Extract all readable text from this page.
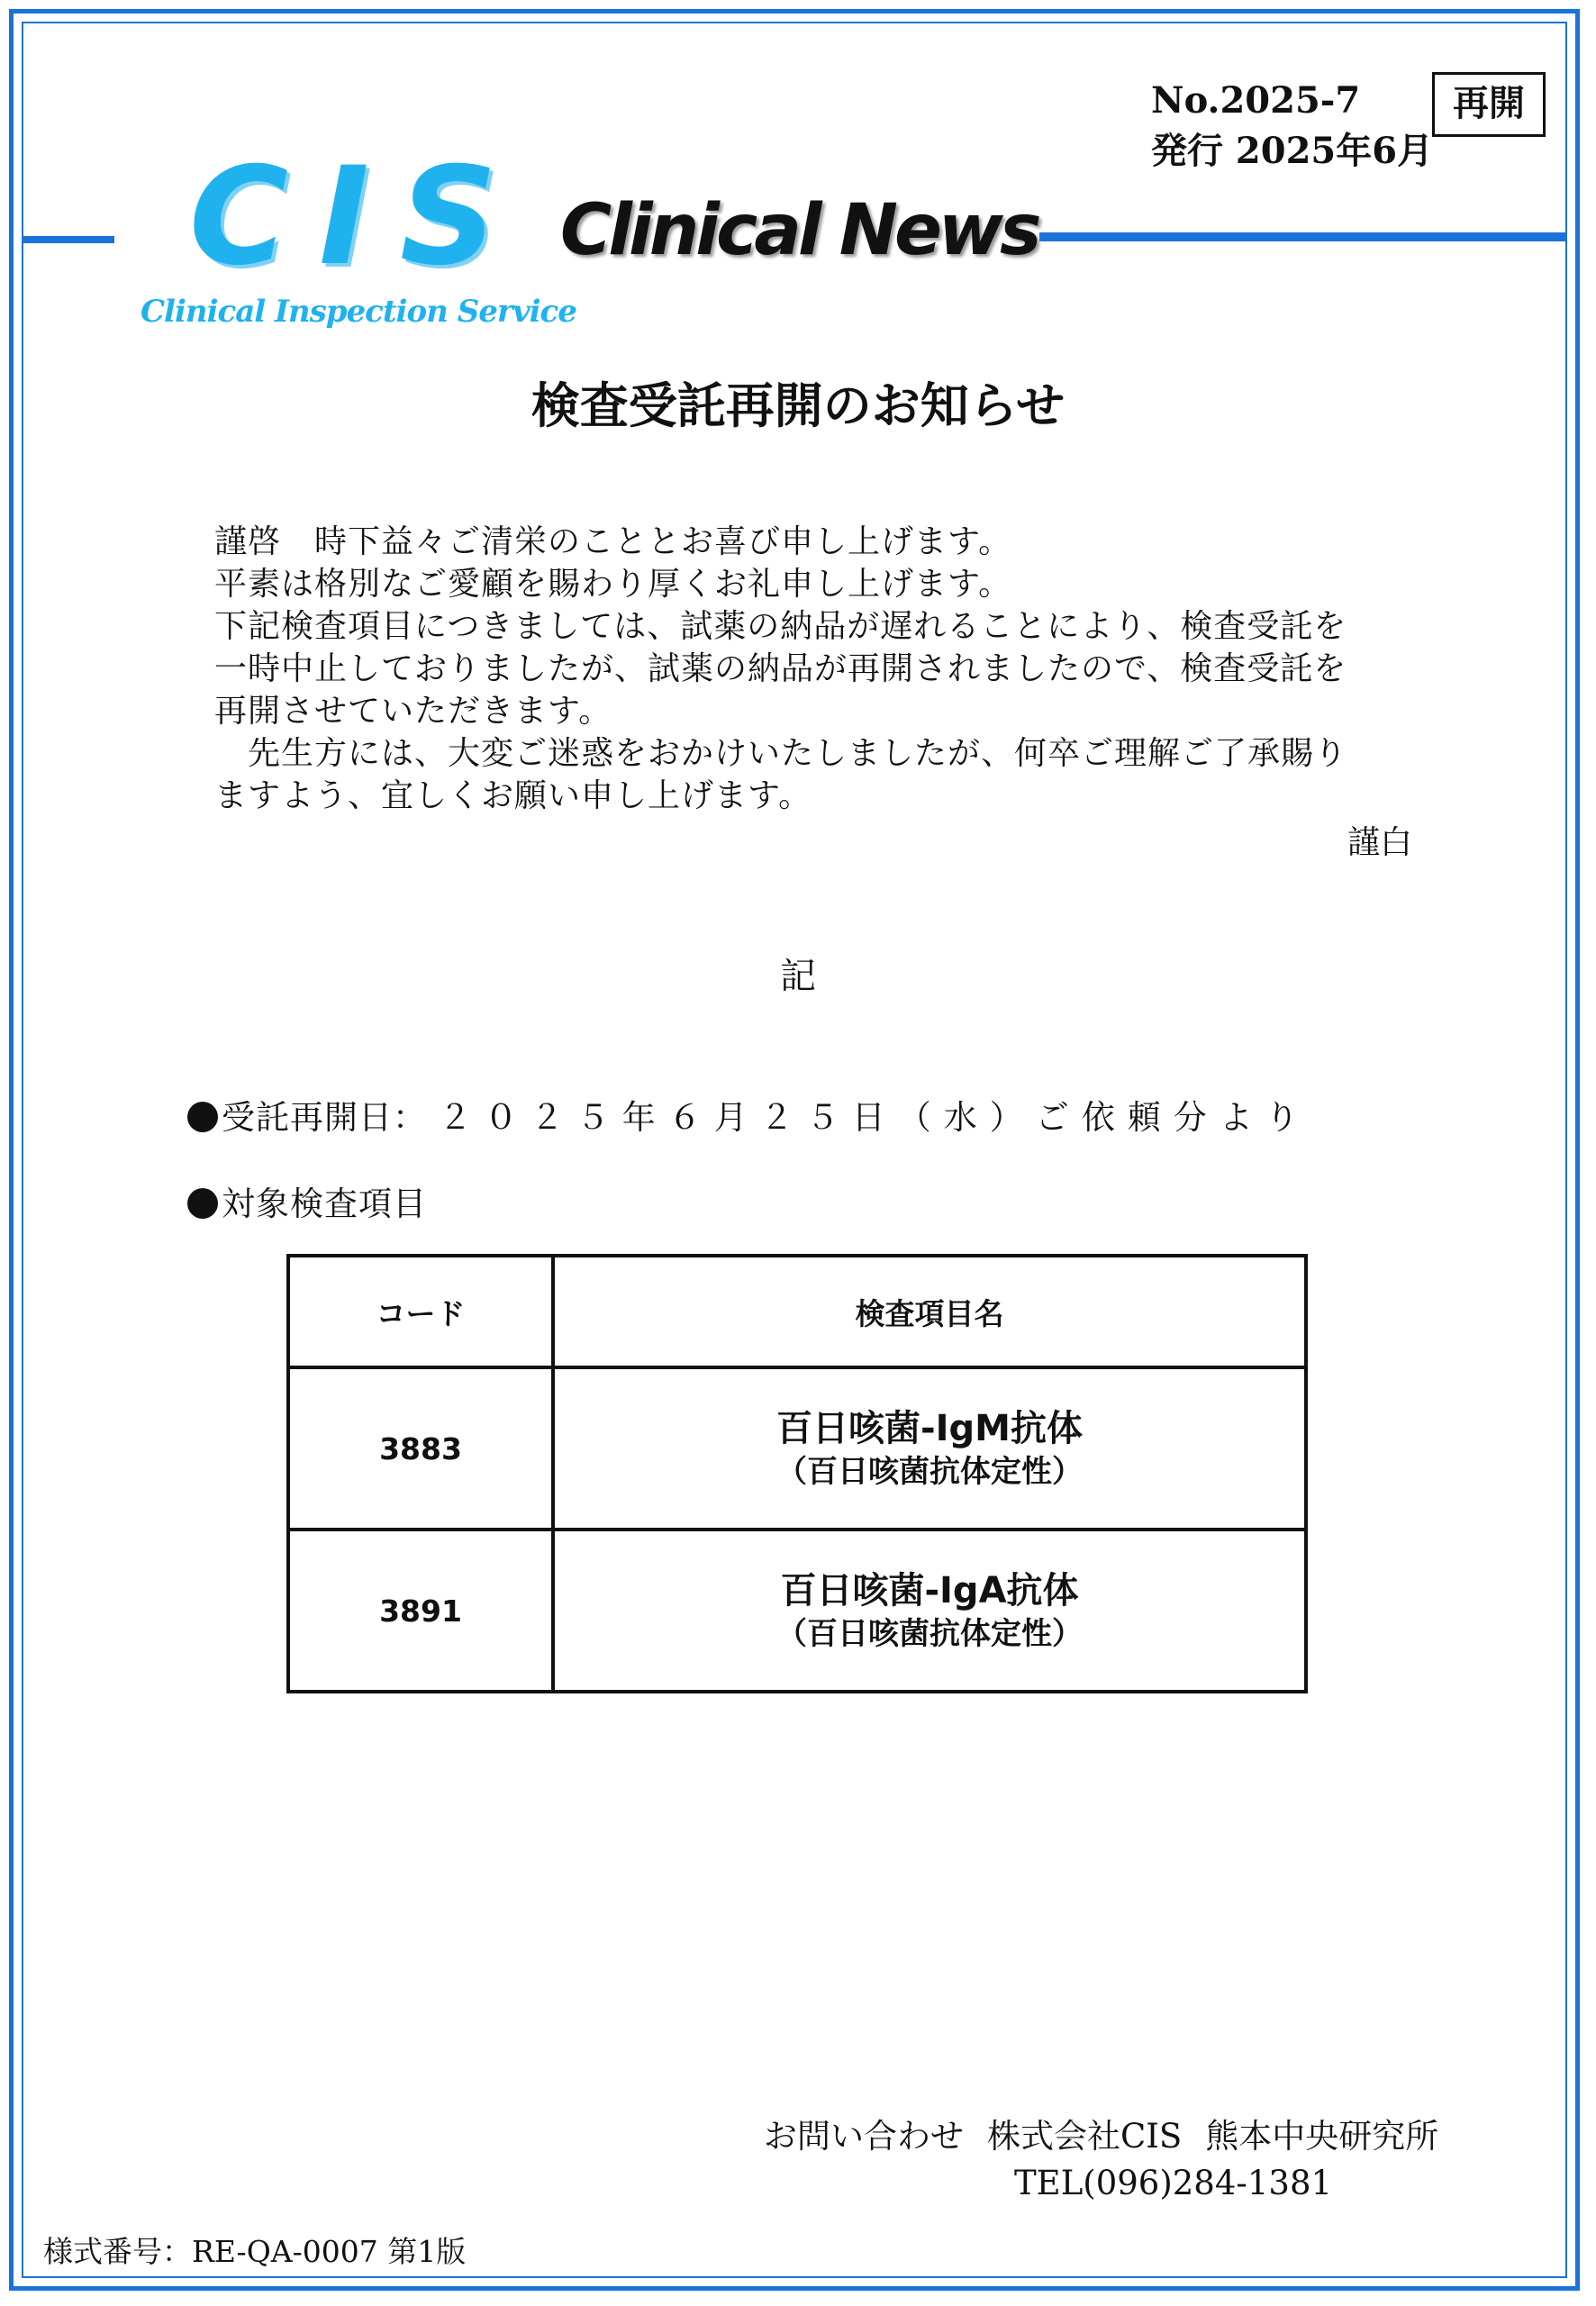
No.2025-7
発行 2025年6月
再開
CIS
Clinical Inspection Service
Clinical News
検査受託再開のお知らせ

謹啓　時下益々ご清栄のこととお喜び申し上げます。

平素は格別なご愛顧を賜わり厚くお礼申し上げます。

下記検査項目につきましては、試薬の納品が遅れることにより、検査受託を

一時中止しておりましたが、試薬の納品が再開されましたので、検査受託を

再開させていただきます。

　先生方には、大変ご迷惑をおかけいたしましたが、何卒ご理解ご了承賜り

ますよう、宜しくお願い申し上げます。

謹白
記
受託再開日： ２０２５年６月２５日（水）ご依頼分より
対象検査項目
コード	検査項目名
3883	百日咳菌-IgM抗体
（百日咳菌抗体定性）

3891	百日咳菌-IgA抗体
（百日咳菌抗体定性）
お問い合わせ 株式会社CIS 熊本中央研究所
TEL(096)284-1381
様式番号：RE-QA-0007 第1版
